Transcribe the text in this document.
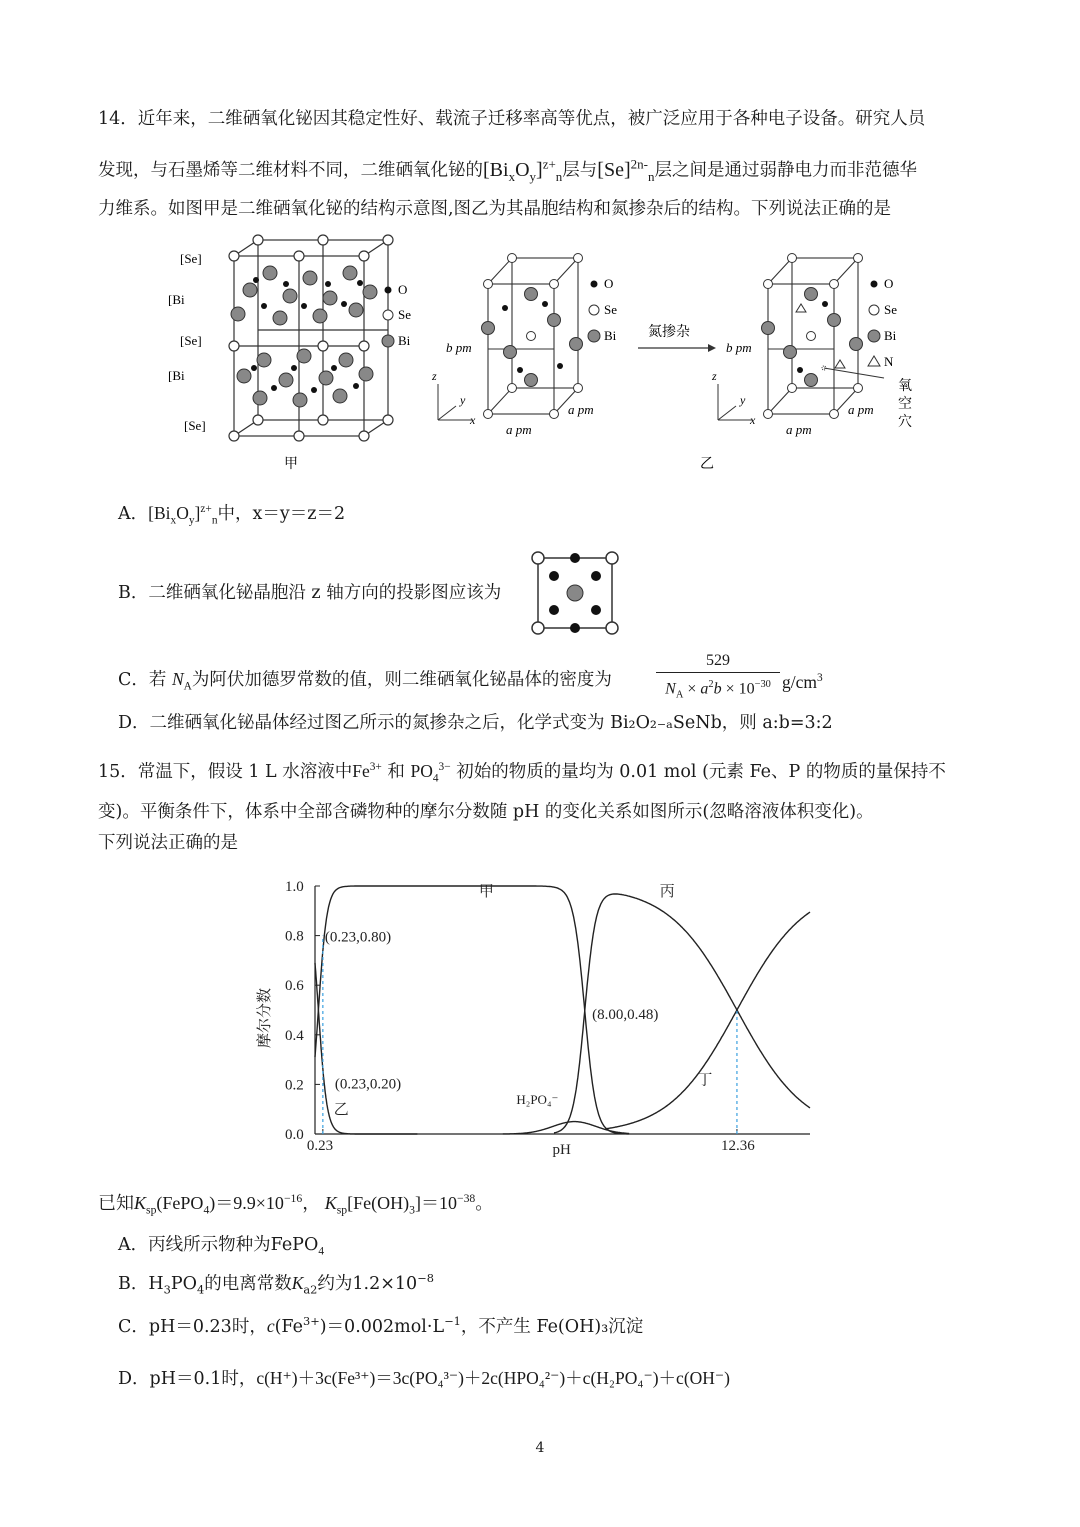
14．近年来，二维硒氧化铋因其稳定性好、载流子迁移率高等优点，被广泛应用于各种电子设备。研究人员
发现，与石墨烯等二维材料不同，二维硒氧化铋的$[Bi_xO_y]^{z+}_n$层与$[Se]^{2n-}_n$层之间是通过弱静电力而非范德华
力维系。如图甲是二维硒氧化铋的结构示意图,图乙为其晶胞结构和氮掺杂后的结构。下列说法正确的是
[Se]
[Bi
[Se]
[Bi
[Se]
O
Se
Bi	b pm
a pm
a pm
z
y
x
O
Se
Bi 氮掺杂
b pm
a pm
a pm
z
y
x
O
Se
Bi
N
氧
空
穴
甲	乙
A．$[Bi_xO_y]^{z+}_n$中，x＝y＝z＝2
B．二维硒氧化铋晶胞沿 z 轴方向的投影图应该为
C．若 $N_A$为阿伏加德罗常数的值，则二维硒氧化铋晶体的密度为	$\frac{529}{N_A \times a^2b \times 10^{-30}} g/cm^3$
D．二维硒氧化铋晶体经过图乙所示的氮掺杂之后，化学式变为 Bi₂O₂₋ₐSeNb，则 a:b=3:2
15．常温下，假设 1 L 水溶液中$Fe^{3+}$ 和 $PO_4^{3-}$ 初始的物质的量均为 0.01 mol (元素 Fe、P 的物质的量保持不
变)。平衡条件下，体系中全部含磷物种的摩尔分数随 pH 的变化关系如图所示(忽略溶液体积变化)。
下列说法正确的是
0.0
0.2
0.4
0.6
0.8
1.0
0.23	12.36
pH
摩尔分数
(0.23,0.80)
(0.23,0.20)
(8.00,0.48)
甲
乙
丙
丁
H₂PO₄⁻
已知$K_{sp}(FePO_4)=9.9\times 10^{-16}$， $K_{sp}[Fe(OH)_3]=10^{-38}$。
A．丙线所示物种为FePO$_4$
B．$H_3PO_4$的电离常数$K_{a2}$约为$1.2\times 10^{-8}$
C．pH＝0.23时，$c(Fe^{3+})=0.002mol\cdot L^{-1}$，不产生 Fe(OH)₃沉淀
D．pH＝0.1时，c(H⁺)＋3c(Fe³⁺)＝3c(PO₄³⁻)＋2c(HPO₄²⁻)＋c(H₂PO₄⁻)＋c(OH⁻)
4
